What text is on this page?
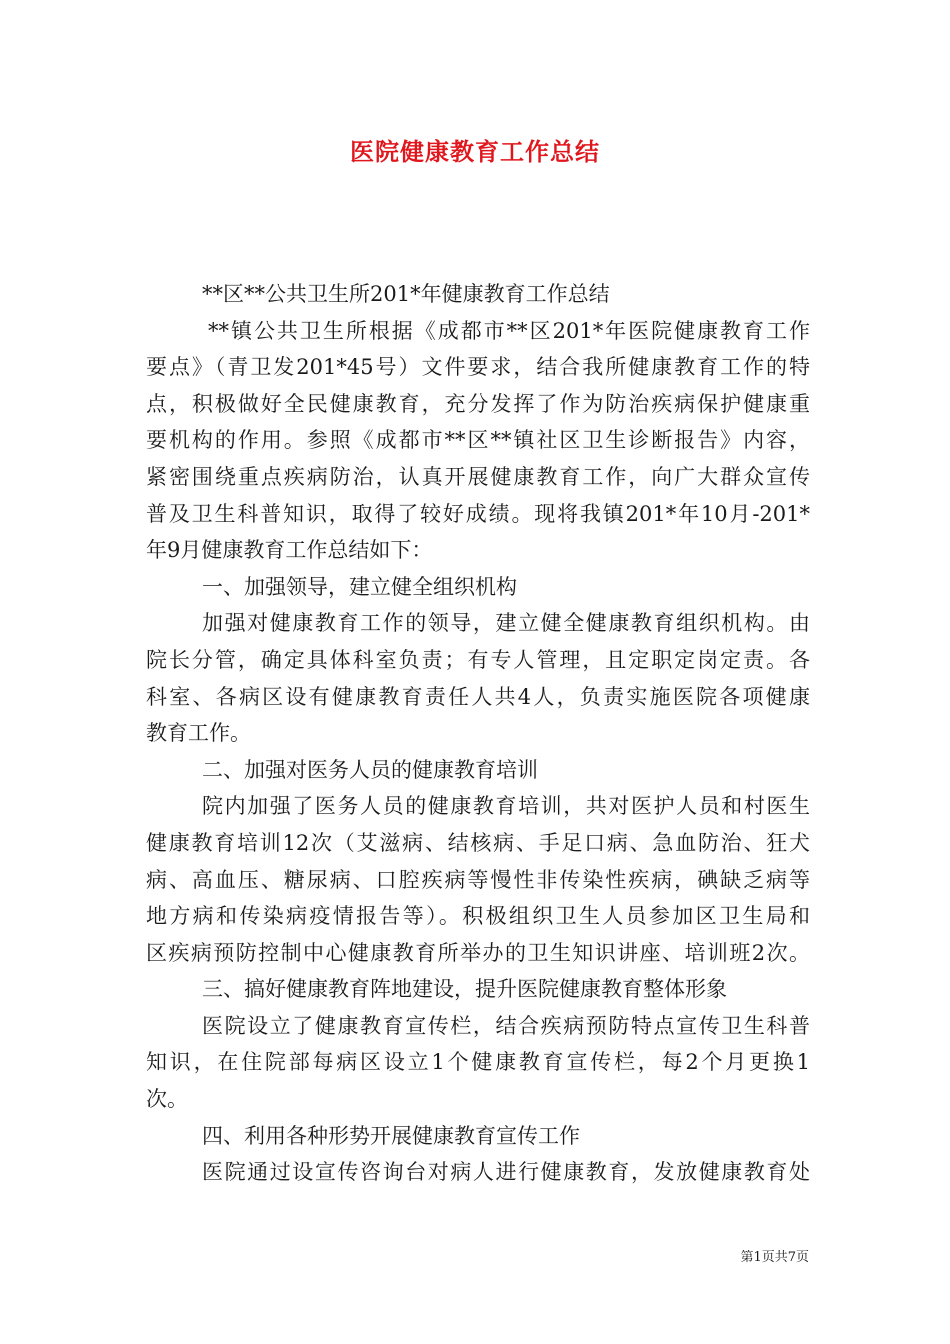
医院健康教育工作总结
**区**公共卫生所201*年健康教育工作总结
**镇公共卫生所根据《成都市**区201*年医院健康教育工作
要点》（青卫发201*45号）文件要求，结合我所健康教育工作的特
点，积极做好全民健康教育，充分发挥了作为防治疾病保护健康重
要机构的作用。参照《成都市**区**镇社区卫生诊断报告》内容，
紧密围绕重点疾病防治，认真开展健康教育工作，向广大群众宣传
普及卫生科普知识，取得了较好成绩。现将我镇201*年10月-201*
年9月健康教育工作总结如下：
一、加强领导，建立健全组织机构
加强对健康教育工作的领导，建立健全健康教育组织机构。由
院长分管，确定具体科室负责；有专人管理，且定职定岗定责。各
科室、各病区设有健康教育责任人共4人，负责实施医院各项健康
教育工作。
二、加强对医务人员的健康教育培训
院内加强了医务人员的健康教育培训，共对医护人员和村医生
健康教育培训12次（艾滋病、结核病、手足口病、急血防治、狂犬
病、高血压、糖尿病、口腔疾病等慢性非传染性疾病，碘缺乏病等
地方病和传染病疫情报告等）。积极组织卫生人员参加区卫生局和
区疾病预防控制中心健康教育所举办的卫生知识讲座、培训班2次。
三、搞好健康教育阵地建设，提升医院健康教育整体形象
医院设立了健康教育宣传栏，结合疾病预防特点宣传卫生科普
知识，在住院部每病区设立1个健康教育宣传栏，每2个月更换1
次。
四、利用各种形势开展健康教育宣传工作
医院通过设宣传咨询台对病人进行健康教育，发放健康教育处
第1页共7页
